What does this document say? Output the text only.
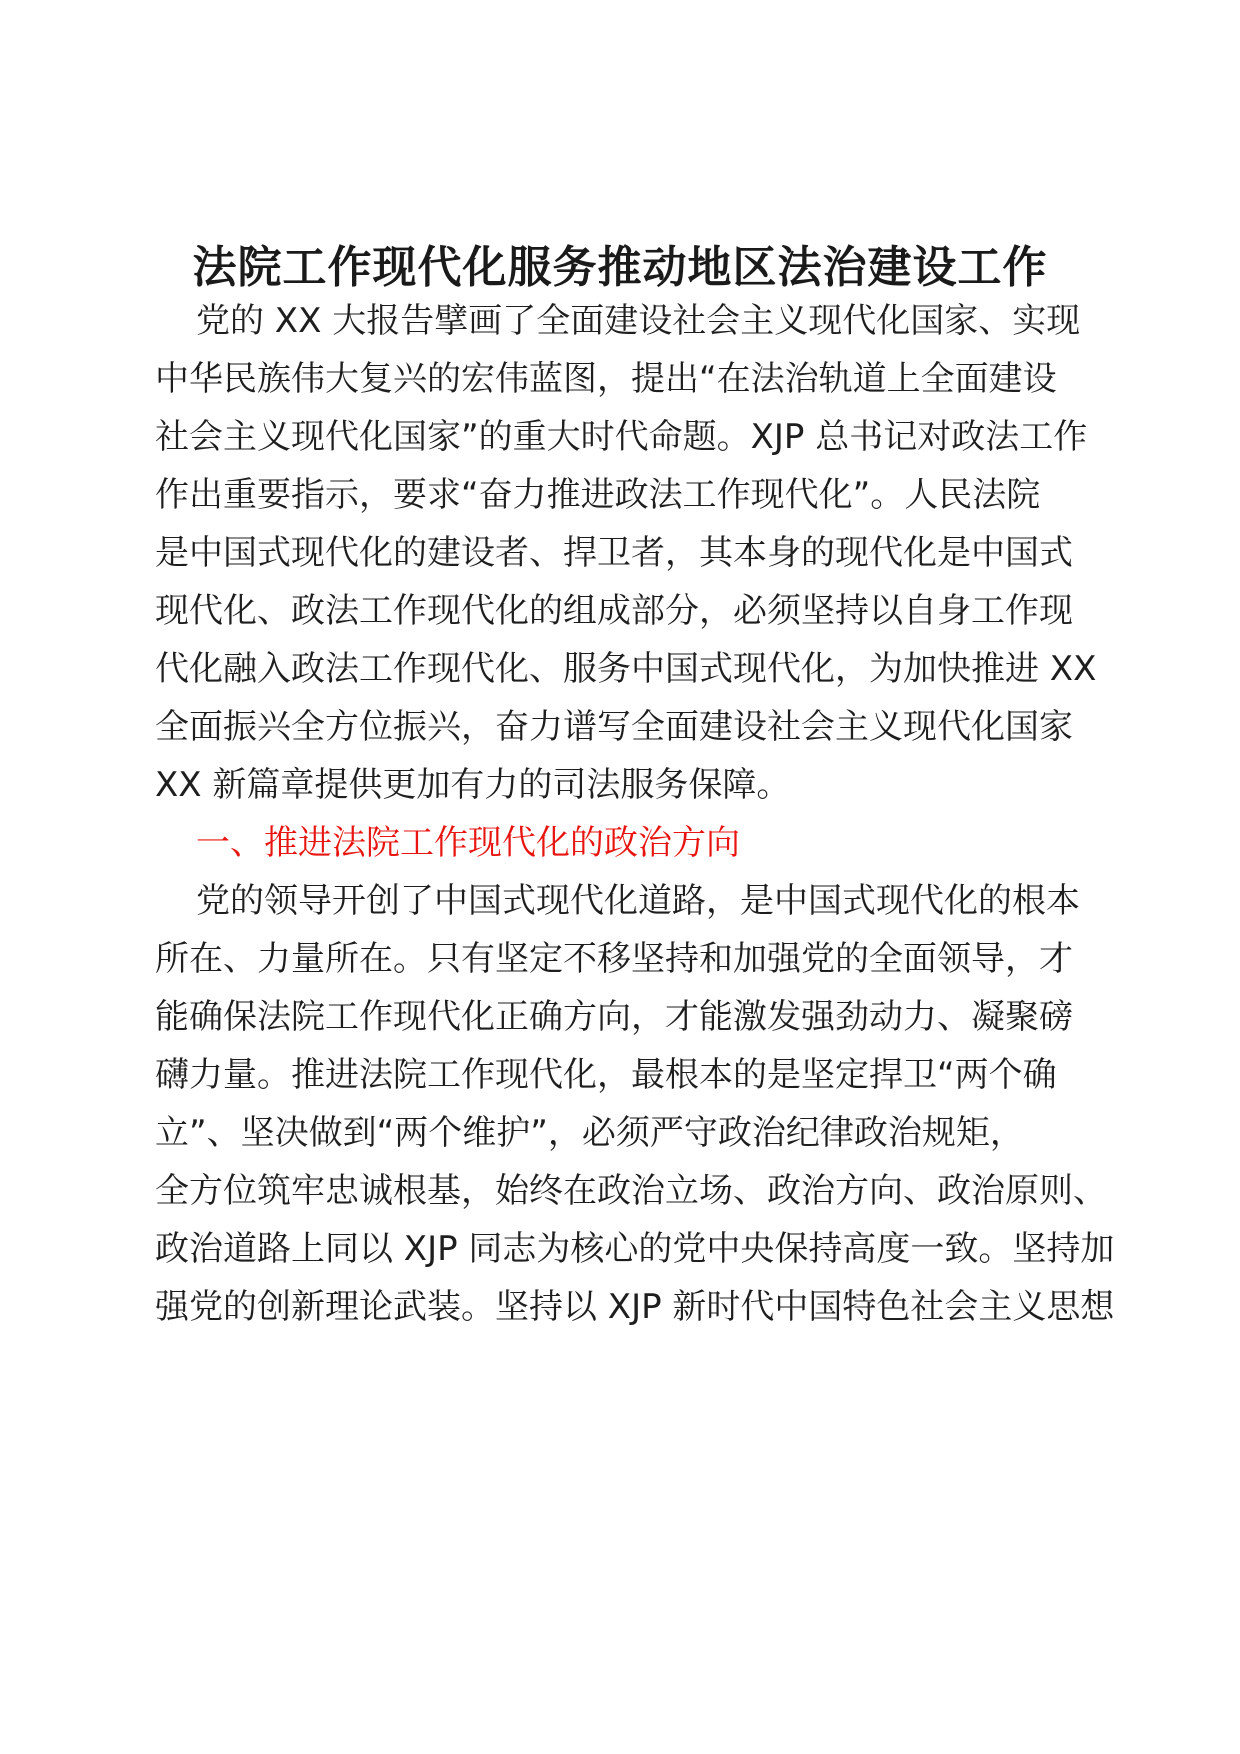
法院工作现代化服务推动地区法治建设工作
党的 XX 大报告擘画了全面建设社会主义现代化国家、实现
中华民族伟大复兴的宏伟蓝图，提出“在法治轨道上全面建设
社会主义现代化国家”的重大时代命题。XJP 总书记对政法工作
作出重要指示，要求“奋力推进政法工作现代化”。人民法院
是中国式现代化的建设者、捍卫者，其本身的现代化是中国式
现代化、政法工作现代化的组成部分，必须坚持以自身工作现
代化融入政法工作现代化、服务中国式现代化，为加快推进 XX
全面振兴全方位振兴，奋力谱写全面建设社会主义现代化国家
XX 新篇章提供更加有力的司法服务保障。
一、推进法院工作现代化的政治方向
党的领导开创了中国式现代化道路，是中国式现代化的根本
所在、力量所在。只有坚定不移坚持和加强党的全面领导，才
能确保法院工作现代化正确方向，才能激发强劲动力、凝聚磅
礴力量。推进法院工作现代化，最根本的是坚定捍卫“两个确
立”、坚决做到“两个维护”，必须严守政治纪律政治规矩，
全方位筑牢忠诚根基，始终在政治立场、政治方向、政治原则、
政治道路上同以 XJP 同志为核心的党中央保持高度一致。坚持加
强党的创新理论武装。坚持以 XJP 新时代中国特色社会主义思想
